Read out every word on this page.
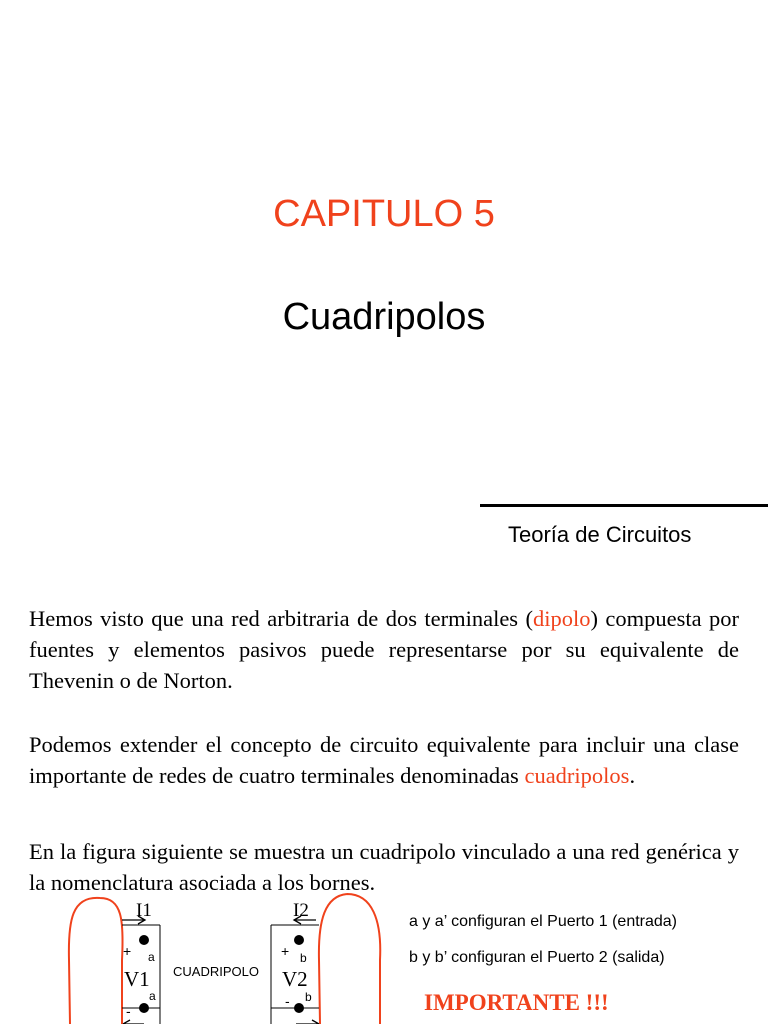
CAPITULO 5
Cuadripolos
Teoría de Circuitos
Hemos visto que una red arbitraria de dos terminales (dipolo) compuesta por fuentes y elementos pasivos puede representarse por su equivalente de Thevenin o de Norton.
Podemos extender el concepto de circuito equivalente para incluir una clase importante de redes de cuatro terminales denominadas cuadripolos.
En la figura siguiente se muestra un cuadripolo vinculado a una red genérica y la nomenclatura asociada a los bornes.
CUADRIPOLO
I1	I2
+
-
+
-
a
a
b
b
V1	V2
a y a’ configuran el Puerto 1 (entrada)
b y b’ configuran el Puerto 2 (salida)
IMPORTANTE !!!
